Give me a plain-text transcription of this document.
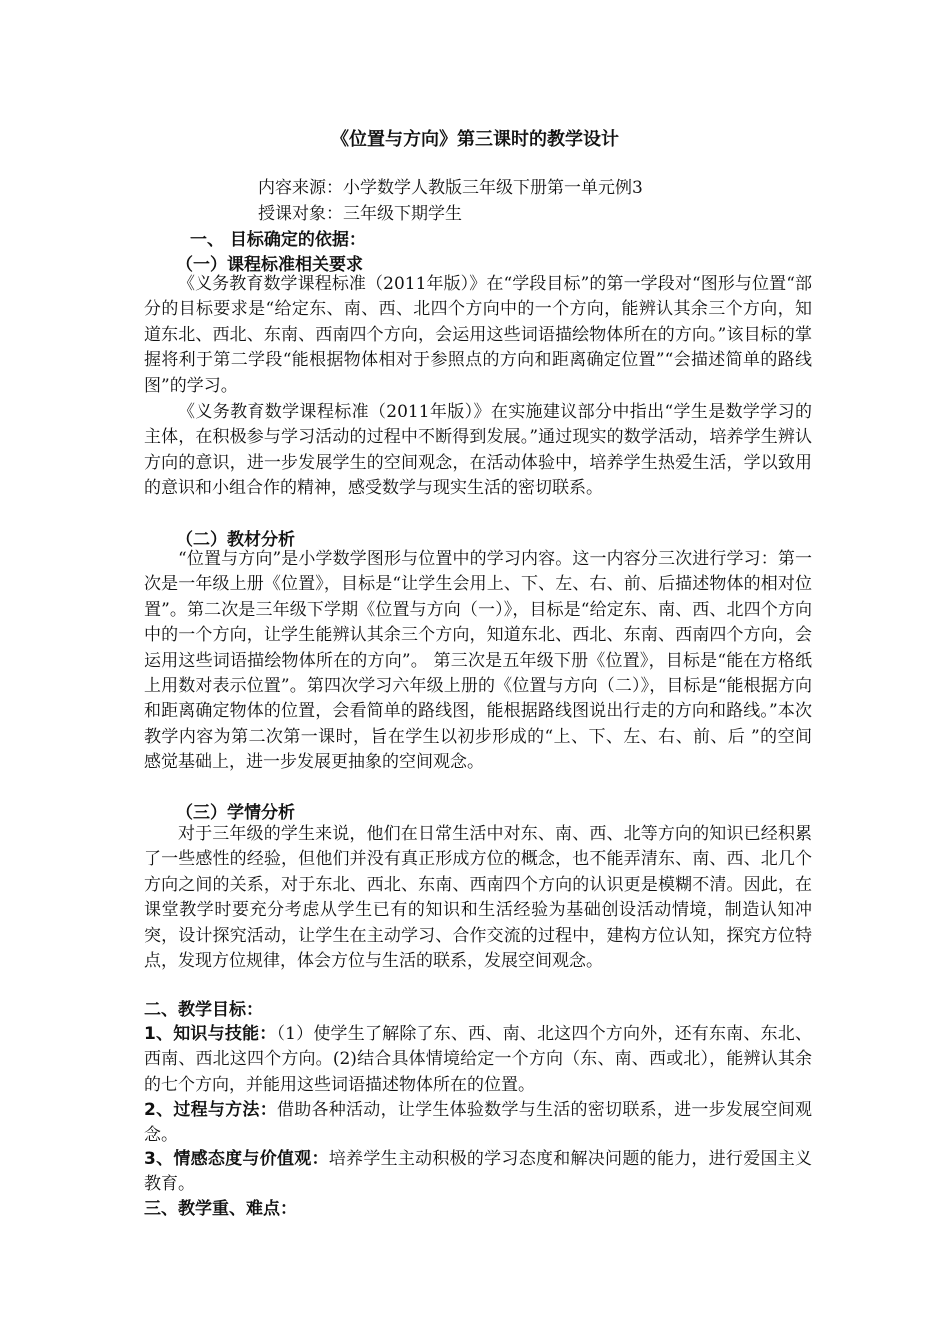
《位置与方向》第三课时的教学设计
内容来源：小学数学人教版三年级下册第一单元例3
授课对象：三年级下期学生
一、 目标确定的依据：
（一）课程标准相关要求

《义务教育数学课程标准（2011年版）》在“学段目标”的第一学段对“图形与位置“部分的目标要求是“给定东、南、西、北四个方向中的一个方向，能辨认其余三个方向，知道东北、西北、东南、西南四个方向，会运用这些词语描绘物体所在的方向。”该目标的掌握将利于第二学段“能根据物体相对于参照点的方向和距离确定位置”“会描述简单的路线图”的学习。

《义务教育数学课程标准（2011年版）》在实施建议部分中指出“学生是数学学习的主体，在积极参与学习活动的过程中不断得到发展。”通过现实的数学活动，培养学生辨认方向的意识，进一步发展学生的空间观念，在活动体验中，培养学生热爱生活，学以致用的意识和小组合作的精神，感受数学与现实生活的密切联系。

（二）教材分析

“位置与方向”是小学数学图形与位置中的学习内容。这一内容分三次进行学习：第一次是一年级上册《位置》，目标是“让学生会用上、下、左、右、前、后描述物体的相对位置”。第二次是三年级下学期《位置与方向（一）》，目标是“给定东、南、西、北四个方向中的一个方向，让学生能辨认其余三个方向，知道东北、西北、东南、西南四个方向，会运用这些词语描绘物体所在的方向”。 第三次是五年级下册《位置》，目标是“能在方格纸上用数对表示位置”。第四次学习六年级上册的《位置与方向（二）》，目标是“能根据方向和距离确定物体的位置，会看简单的路线图，能根据路线图说出行走的方向和路线。”本次教学内容为第二次第一课时，旨在学生以初步形成的“上、下、左、右、前、后 ”的空间感觉基础上，进一步发展更抽象的空间观念。

（三）学情分析

对于三年级的学生来说，他们在日常生活中对东、南、西、北等方向的知识已经积累了一些感性的经验，但他们并没有真正形成方位的概念，也不能弄清东、南、西、北几个方向之间的关系，对于东北、西北、东南、西南四个方向的认识更是模糊不清。因此，在课堂教学时要充分考虑从学生已有的知识和生活经验为基础创设活动情境，制造认知冲突，设计探究活动，让学生在主动学习、合作交流的过程中，建构方位认知，探究方位特点，发现方位规律，体会方位与生活的联系，发展空间观念。

二、教学目标：

1、知识与技能：（1）使学生了解除了东、西、南、北这四个方向外，还有东南、东北、西南、西北这四个方向。(2)结合具体情境给定一个方向（东、南、西或北），能辨认其余的七个方向，并能用这些词语描述物体所在的位置。

2、过程与方法：借助各种活动，让学生体验数学与生活的密切联系，进一步发展空间观念。

3、情感态度与价值观：培养学生主动积极的学习态度和解决问题的能力，进行爱国主义教育。

三、教学重、难点：
